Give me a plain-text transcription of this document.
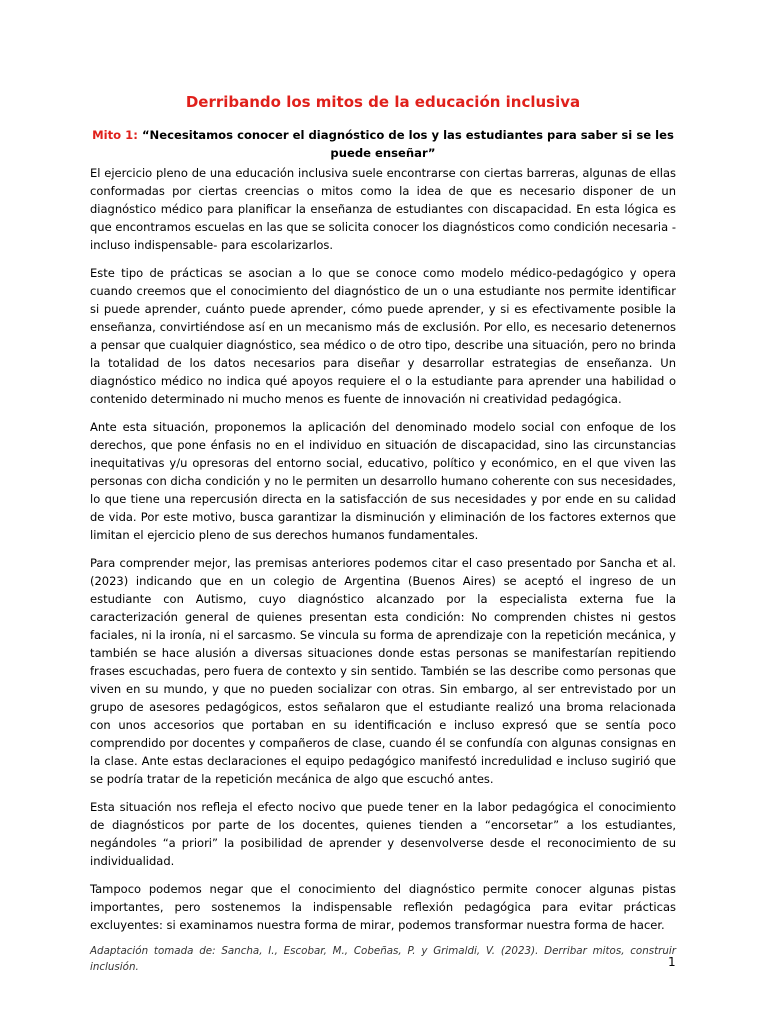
Derribando los mitos de la educación inclusiva
Mito 1: “Necesitamos conocer el diagnóstico de los y las estudiantes para saber si se les puede enseñar”

El ejercicio pleno de una educación inclusiva suele encontrarse con ciertas barreras, algunas de ellas conformadas por ciertas creencias o mitos como la idea de que es necesario disponer de un diagnóstico médico para planificar la enseñanza de estudiantes con discapacidad. En esta lógica es que encontramos escuelas en las que se solicita conocer los diagnósticos como condición necesaria - incluso indispensable- para escolarizarlos.

Este tipo de prácticas se asocian a lo que se conoce como modelo médico-pedagógico y opera cuando creemos que el conocimiento del diagnóstico de un o una estudiante nos permite identificar si puede aprender, cuánto puede aprender, cómo puede aprender, y si es efectivamente posible la enseñanza, convirtiéndose así en un mecanismo más de exclusión. Por ello, es necesario detenernos a pensar que cualquier diagnóstico, sea médico o de otro tipo, describe una situación, pero no brinda la totalidad de los datos necesarios para diseñar y desarrollar estrategias de enseñanza. Un diagnóstico médico no indica qué apoyos requiere el o la estudiante para aprender una habilidad o contenido determinado ni mucho menos es fuente de innovación ni creatividad pedagógica.

Ante esta situación, proponemos la aplicación del denominado modelo social con enfoque de los derechos, que pone énfasis no en el individuo en situación de discapacidad, sino las circunstancias inequitativas y/u opresoras del entorno social, educativo, político y económico, en el que viven las personas con dicha condición y no le permiten un desarrollo humano coherente con sus necesidades, lo que tiene una repercusión directa en la satisfacción de sus necesidades y por ende en su calidad de vida. Por este motivo, busca garantizar la disminución y eliminación de los factores externos que limitan el ejercicio pleno de sus derechos humanos fundamentales.

Para comprender mejor, las premisas anteriores podemos citar el caso presentado por Sancha et al. (2023) indicando que en un colegio de Argentina (Buenos Aires) se aceptó el ingreso de un estudiante con Autismo, cuyo diagnóstico alcanzado por la especialista externa fue la caracterización general de quienes presentan esta condición: No comprenden chistes ni gestos faciales, ni la ironía, ni el sarcasmo. Se vincula su forma de aprendizaje con la repetición mecánica, y también se hace alusión a diversas situaciones donde estas personas se manifestarían repitiendo frases escuchadas, pero fuera de contexto y sin sentido. También se las describe como personas que viven en su mundo, y que no pueden socializar con otras. Sin embargo, al ser entrevistado por un grupo de asesores pedagógicos, estos señalaron que el estudiante realizó una broma relacionada con unos accesorios que portaban en su identificación e incluso expresó que se sentía poco comprendido por docentes y compañeros de clase, cuando él se confundía con algunas consignas en la clase. Ante estas declaraciones el equipo pedagógico manifestó incredulidad e incluso sugirió que se podría tratar de la repetición mecánica de algo que escuchó antes.

Esta situación nos refleja el efecto nocivo que puede tener en la labor pedagógica el conocimiento de diagnósticos por parte de los docentes, quienes tienden a “encorsetar” a los estudiantes, negándoles “a priori” la posibilidad de aprender y desenvolverse desde el reconocimiento de su individualidad.

Tampoco podemos negar que el conocimiento del diagnóstico permite conocer algunas pistas importantes, pero sostenemos la indispensable reflexión pedagógica para evitar prácticas excluyentes: si examinamos nuestra forma de mirar, podemos transformar nuestra forma de hacer.

Adaptación tomada de: Sancha, I., Escobar, M., Cobeñas, P. y Grimaldi, V. (2023). Derribar mitos, construir inclusión.	1
